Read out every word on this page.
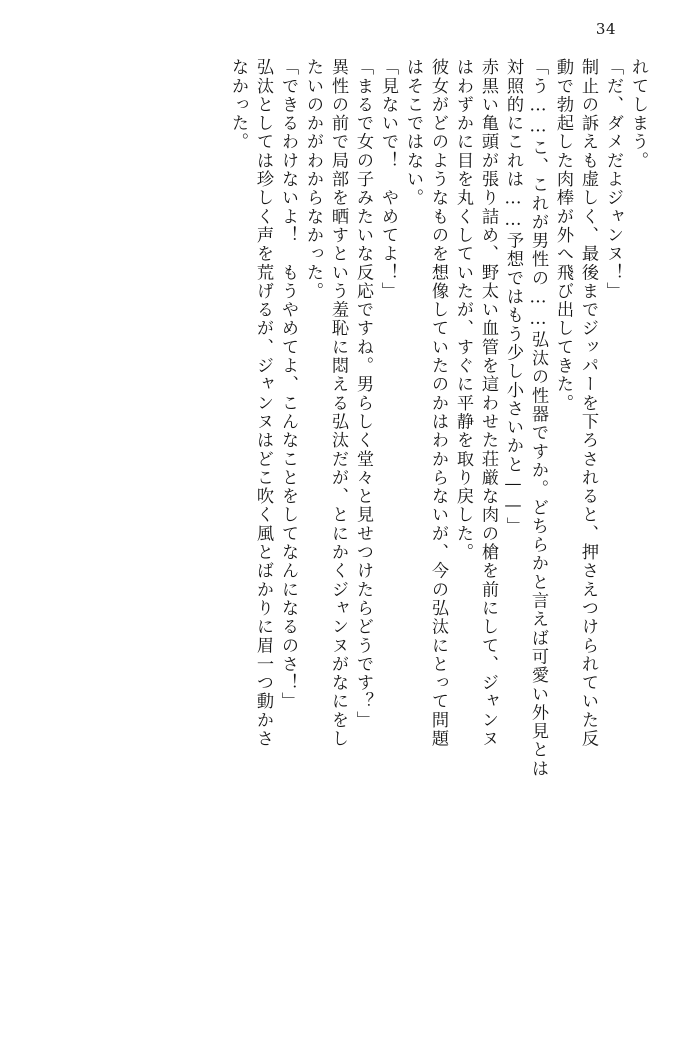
34
れてしまう。
「だ、ダメだよジャンヌ！」
制止の訴えも虚しく、最後までジッパーを下ろされると、押さえつけられていた反
動で勃起した肉棒が外へ飛び出してきた。
「う……こ、これが男性の……弘汰の性器ですか。どちらかと言えば可愛い外見とは
対照的にこれは……予想ではもう少し小さいかと——」
赤黒い亀頭が張り詰め、野太い血管を這わせた荘厳な肉の槍を前にして、ジャンヌ
はわずかに目を丸くしていたが、すぐに平静を取り戻した。
彼女がどのようなものを想像していたのかはわからないが、今の弘汰にとって問題
はそこではない。
「見ないで！　やめてよ！」
「まるで女の子みたいな反応ですね。男らしく堂々と見せつけたらどうです？」
異性の前で局部を晒すという羞恥に悶える弘汰だが、とにかくジャンヌがなにをし
たいのかがわからなかった。
「できるわけないよ！　もうやめてよ、こんなことをしてなんになるのさ！」
弘汰としては珍しく声を荒げるが、ジャンヌはどこ吹く風とばかりに眉一つ動かさ
なかった。
